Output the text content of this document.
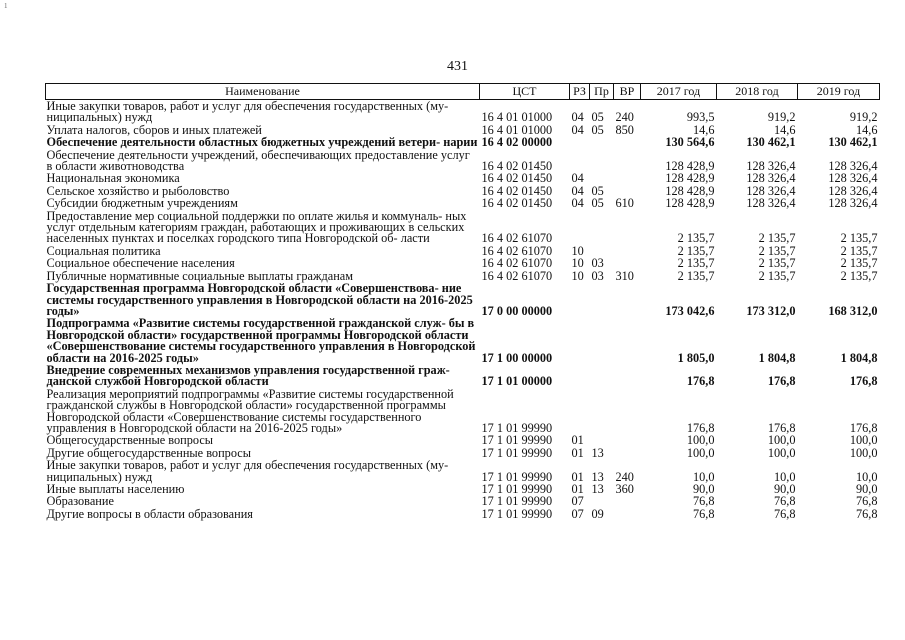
1
431
Наименование	ЦСТ	РЗ	Пр	ВР	2017 год	2018 год	2019 год
Иные закупки товаров, работ и услуг для обеспечения государственных (му- ниципальных) нужд	16 4 01 01000	04	05	240	993,5	919,2	919,2
Уплата налогов, сборов и иных платежей	16 4 01 01000	04	05	850	14,6	14,6	14,6
Обеспечение деятельности областных бюджетных учреждений ветери- нарии	16 4 02 00000				130 564,6	130 462,1	130 462,1
Обеспечение деятельности учреждений, обеспечивающих предоставление услуг в области животноводства	16 4 02 01450				128 428,9	128 326,4	128 326,4
Национальная экономика	16 4 02 01450	04			128 428,9	128 326,4	128 326,4
Сельское хозяйство и рыболовство	16 4 02 01450	04	05		128 428,9	128 326,4	128 326,4
Субсидии бюджетным учреждениям	16 4 02 01450	04	05	610	128 428,9	128 326,4	128 326,4
Предоставление мер социальной поддержки по оплате жилья и коммуналь- ных услуг отдельным категориям граждан, работающих и проживающих в сельских населенных пунктах и поселках городского типа Новгородской об- ласти	16 4 02 61070				2 135,7	2 135,7	2 135,7
Социальная политика	16 4 02 61070	10			2 135,7	2 135,7	2 135,7
Социальное обеспечение населения	16 4 02 61070	10	03		2 135,7	2 135,7	2 135,7
Публичные нормативные социальные выплаты гражданам	16 4 02 61070	10	03	310	2 135,7	2 135,7	2 135,7
Государственная программа Новгородской области «Совершенствова- ние системы государственного управления в Новгородской области на 2016-2025 годы»	17 0 00 00000				173 042,6	173 312,0	168 312,0
Подпрограмма «Развитие системы государственной гражданской служ- бы в Новгородской области» государственной программы Новгородской области «Совершенствование системы государственного управления в Новгородской области на 2016-2025 годы»	17 1 00 00000				1 805,0	1 804,8	1 804,8
Внедрение современных механизмов управления государственной граж- данской службой Новгородской области	17 1 01 00000				176,8	176,8	176,8
Реализация мероприятий подпрограммы «Развитие системы государственной гражданской службы в Новгородской области» государственной программы Новгородской области «Совершенствование системы государственного управления в Новгородской области на 2016-2025 годы»	17 1 01 99990				176,8	176,8	176,8
Общегосударственные вопросы	17 1 01 99990	01			100,0	100,0	100,0
Другие общегосударственные вопросы	17 1 01 99990	01	13		100,0	100,0	100,0
Иные закупки товаров, работ и услуг для обеспечения государственных (му- ниципальных) нужд	17 1 01 99990	01	13	240	10,0	10,0	10,0
Иные выплаты населению	17 1 01 99990	01	13	360	90,0	90,0	90,0
Образование	17 1 01 99990	07			76,8	76,8	76,8
Другие вопросы в области образования	17 1 01 99990	07	09		76,8	76,8	76,8
